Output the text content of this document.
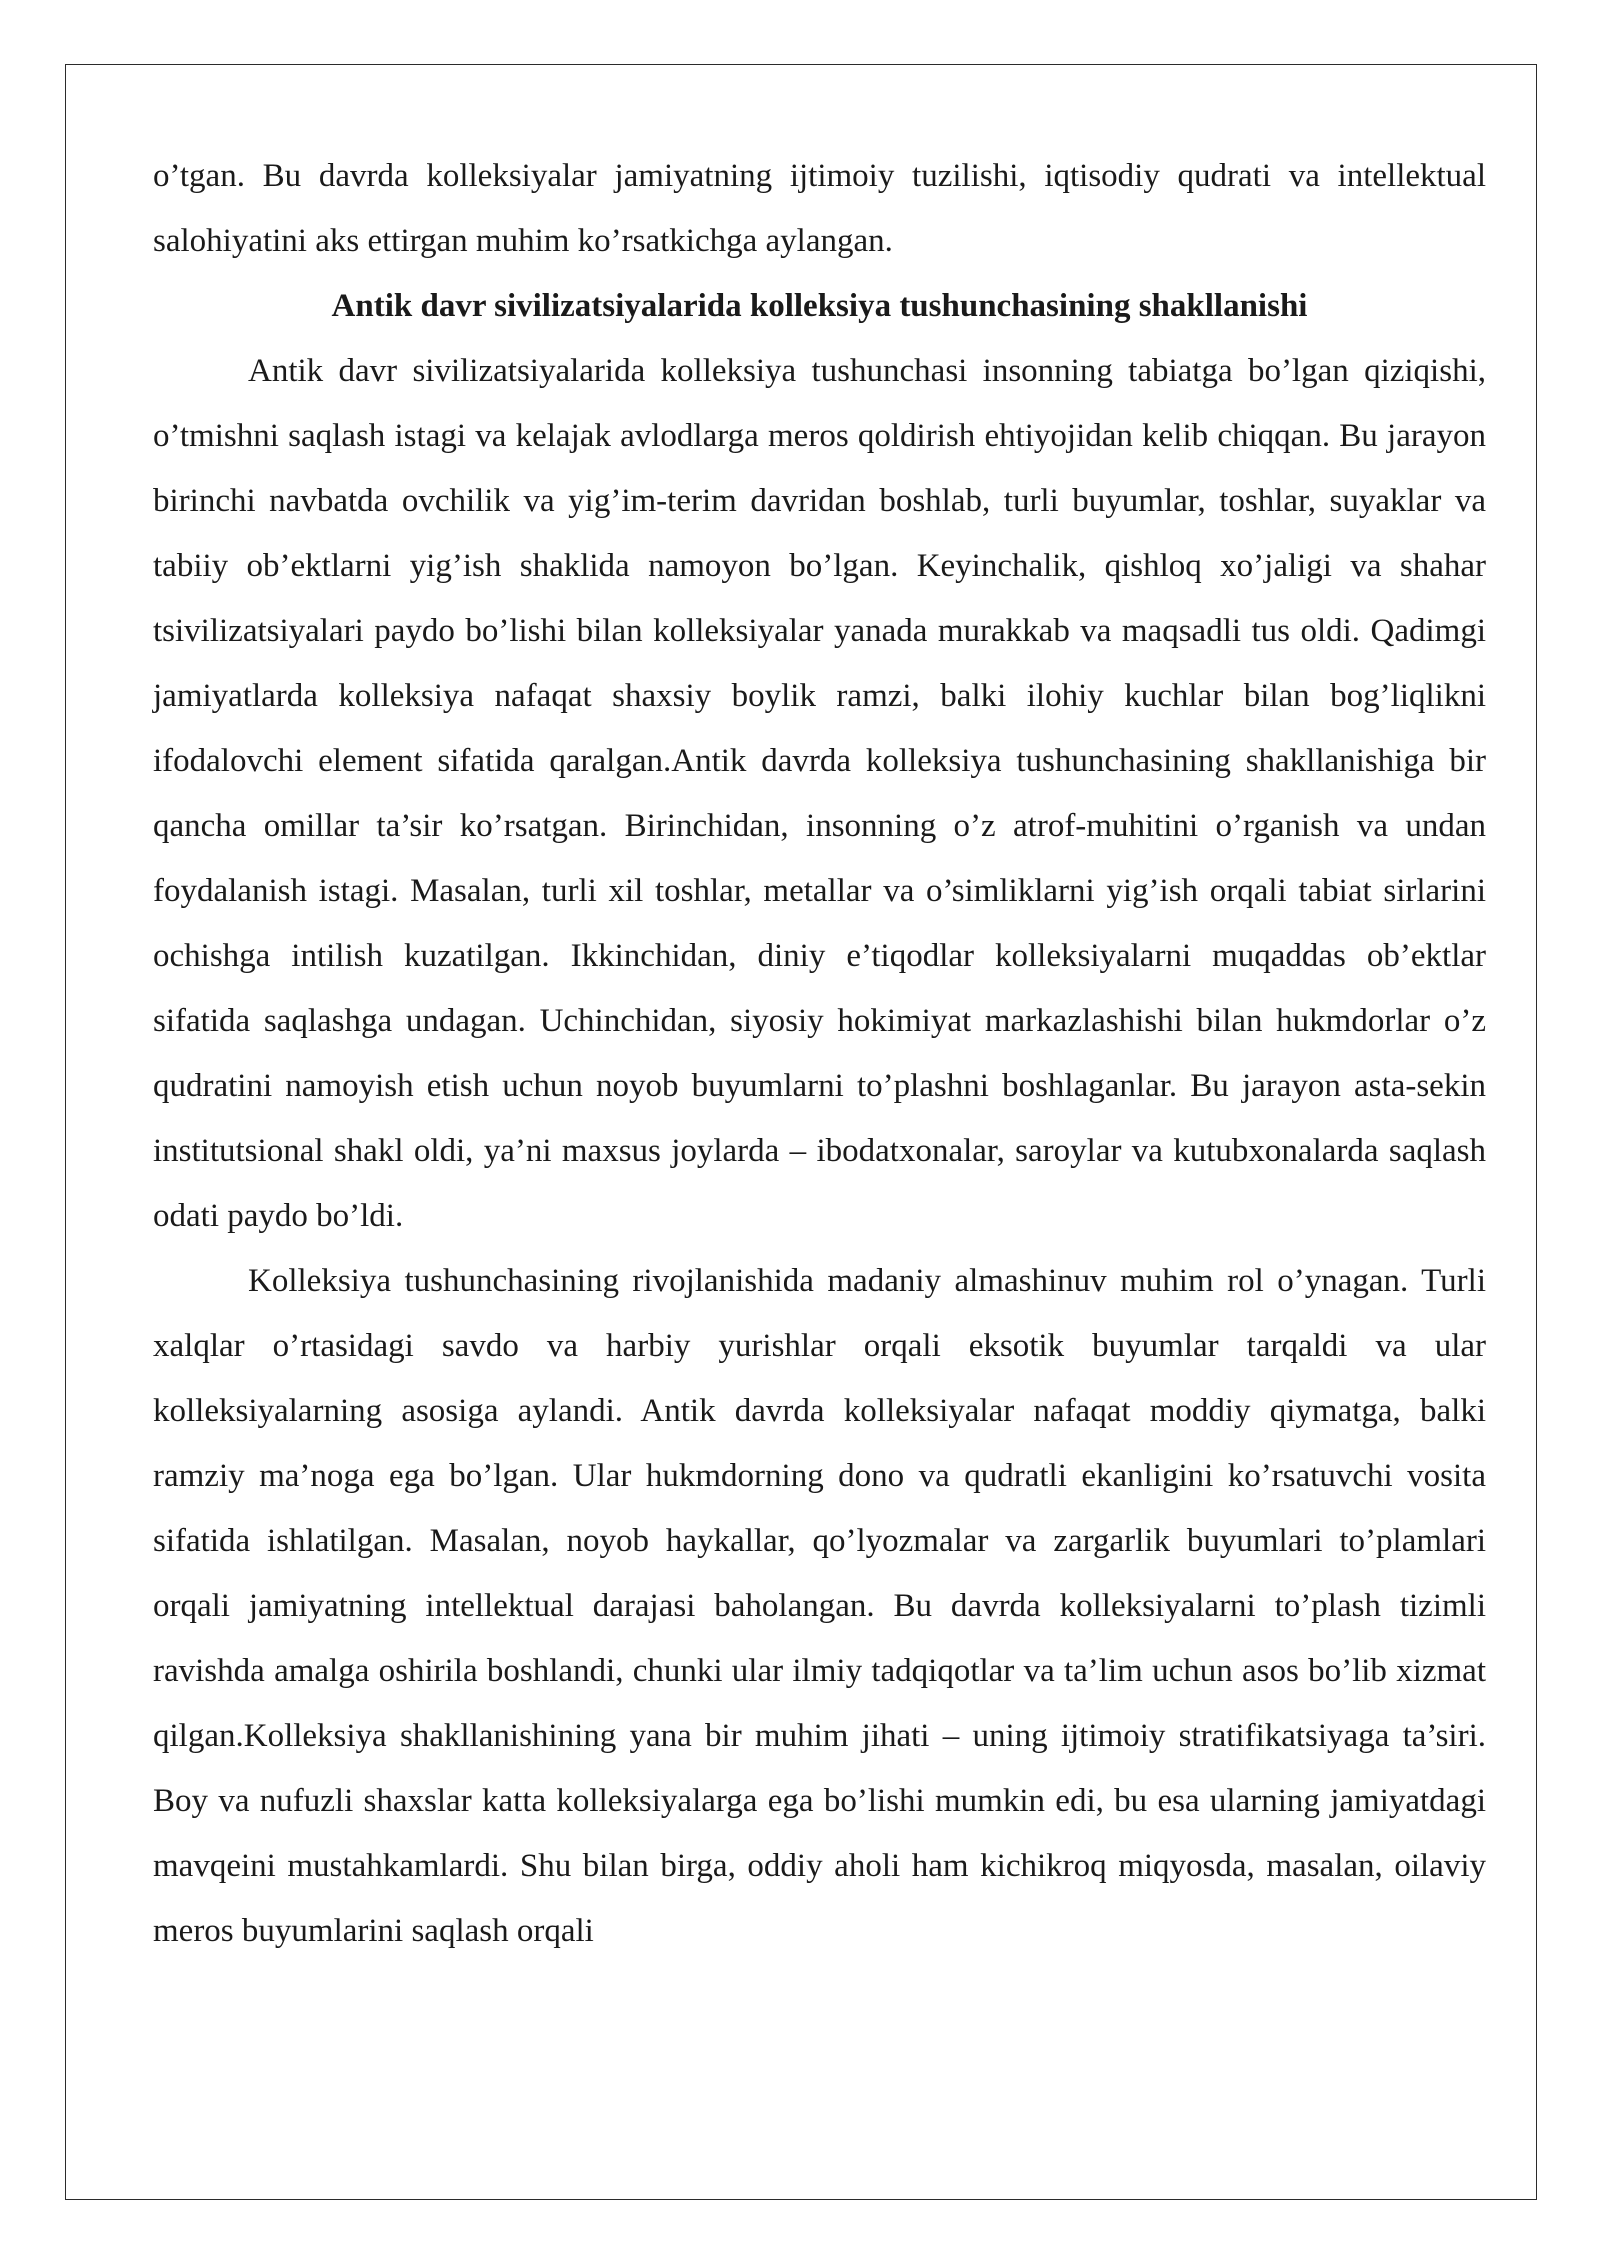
o’tgan. Bu davrda kolleksiyalar jamiyatning ijtimoiy tuzilishi, iqtisodiy qudrati va intellektual salohiyatini aks ettirgan muhim ko’rsatkichga aylangan.

Antik davr sivilizatsiyalarida kolleksiya tushunchasining shakllanishi

Antik davr sivilizatsiyalarida kolleksiya tushunchasi insonning tabiatga bo’lgan qiziqishi, o’tmishni saqlash istagi va kelajak avlodlarga meros qoldirish ehtiyojidan kelib chiqqan. Bu jarayon birinchi navbatda ovchilik va yig’im-terim davridan boshlab, turli buyumlar, toshlar, suyaklar va tabiiy ob’ektlarni yig’ish shaklida namoyon bo’lgan. Keyinchalik, qishloq xo’jaligi va shahar tsivilizatsiyalari paydo bo’lishi bilan kolleksiyalar yanada murakkab va maqsadli tus oldi. Qadimgi jamiyatlarda kolleksiya nafaqat shaxsiy boylik ramzi, balki ilohiy kuchlar bilan bog’liqlikni ifodalovchi element sifatida qaralgan.Antik davrda kolleksiya tushunchasining shakllanishiga bir qancha omillar ta’sir ko’rsatgan. Birinchidan, insonning o’z atrof-muhitini o’rganish va undan foydalanish istagi. Masalan, turli xil toshlar, metallar va o’simliklarni yig’ish orqali tabiat sirlarini ochishga intilish kuzatilgan. Ikkinchidan, diniy e’tiqodlar kolleksiyalarni muqaddas ob’ektlar sifatida saqlashga undagan. Uchinchidan, siyosiy hokimiyat markazlashishi bilan hukmdorlar o’z qudratini namoyish etish uchun noyob buyumlarni to’plashni boshlaganlar. Bu jarayon asta-sekin institutsional shakl oldi, ya’ni maxsus joylarda – ibodatxonalar, saroylar va kutubxonalarda saqlash odati paydo bo’ldi.

Kolleksiya tushunchasining rivojlanishida madaniy almashinuv muhim rol o’ynagan. Turli xalqlar o’rtasidagi savdo va harbiy yurishlar orqali eksotik buyumlar tarqaldi va ular kolleksiyalarning asosiga aylandi. Antik davrda kolleksiyalar nafaqat moddiy qiymatga, balki ramziy ma’noga ega bo’lgan. Ular hukmdorning dono va qudratli ekanligini ko’rsatuvchi vosita sifatida ishlatilgan. Masalan, noyob haykallar, qo’lyozmalar va zargarlik buyumlari to’plamlari orqali jamiyatning intellektual darajasi baholangan. Bu davrda kolleksiyalarni to’plash tizimli ravishda amalga oshirila boshlandi, chunki ular ilmiy tadqiqotlar va ta’lim uchun asos bo’lib xizmat qilgan.Kolleksiya shakllanishining yana bir muhim jihati – uning ijtimoiy stratifikatsiyaga ta’siri. Boy va nufuzli shaxslar katta kolleksiyalarga ega bo’lishi mumkin edi, bu esa ularning jamiyatdagi mavqeini mustahkamlardi. Shu bilan birga, oddiy aholi ham kichikroq miqyosda, masalan, oilaviy meros buyumlarini saqlash orqali
